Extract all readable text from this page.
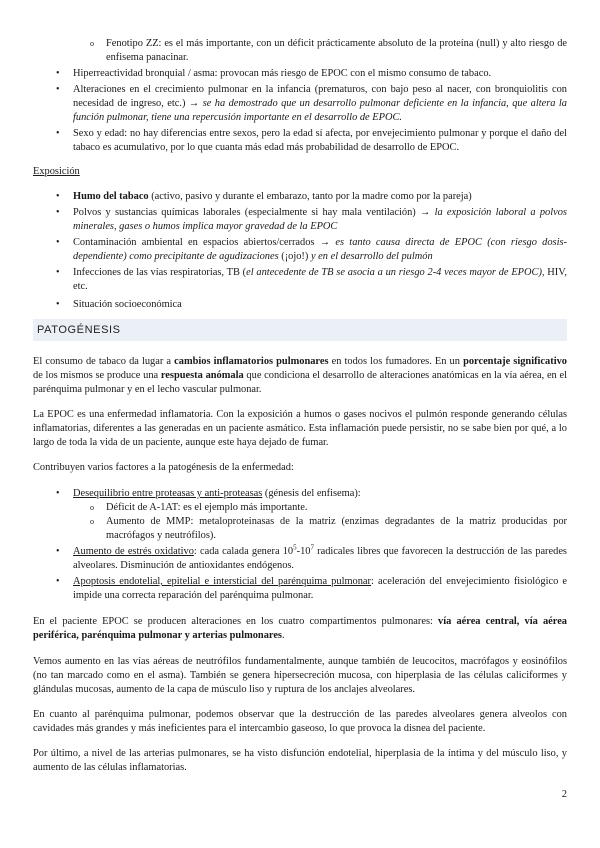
o Fenotipo ZZ: es el más importante, con un déficit prácticamente absoluto de la proteína (null) y alto riesgo de enfisema panacinar.
• Hiperreactividad bronquial / asma: provocan más riesgo de EPOC con el mismo consumo de tabaco.
• Alteraciones en el crecimiento pulmonar en la infancia (prematuros, con bajo peso al nacer, con bronquiolitis con necesidad de ingreso, etc.) → se ha demostrado que un desarrollo pulmonar deficiente en la infancia, que altera la función pulmonar, tiene una repercusión importante en el desarrollo de EPOC.
• Sexo y edad: no hay diferencias entre sexos, pero la edad sí afecta, por envejecimiento pulmonar y porque el daño del tabaco es acumulativo, por lo que cuanta más edad más probabilidad de desarrollo de EPOC.

Exposición

• Humo del tabaco (activo, pasivo y durante el embarazo, tanto por la madre como por la pareja)
• Polvos y sustancias químicas laborales (especialmente si hay mala ventilación) → la exposición laboral a polvos minerales, gases o humos implica mayor gravedad de la EPOC
• Contaminación ambiental en espacios abiertos/cerrados → es tanto causa directa de EPOC (con riesgo dosis-dependiente) como precipitante de agudizaciones (¡ojo!) y en el desarrollo del pulmón
• Infecciones de las vías respiratorias, TB (el antecedente de TB se asocia a un riesgo 2-4 veces mayor de EPOC), HIV, etc.
• Situación socioeconómica
PATOGÉNESIS

El consumo de tabaco da lugar a cambios inflamatorios pulmonares en todos los fumadores. En un porcentaje significativo de los mismos se produce una respuesta anómala que condiciona el desarrollo de alteraciones anatómicas en la vía aérea, en el parénquima pulmonar y en el lecho vascular pulmonar.

La EPOC es una enfermedad inflamatoria. Con la exposición a humos o gases nocivos el pulmón responde generando células inflamatorias, diferentes a las generadas en un paciente asmático. Esta inflamación puede persistir, no se sabe bien por qué, a lo largo de toda la vida de un paciente, aunque este haya dejado de fumar.

Contribuyen varios factores a la patogénesis de la enfermedad:

• Desequilibrio entre proteasas y anti-proteasas (génesis del enfisema):
o Déficit de A-1AT: es el ejemplo más importante.
o Aumento de MMP: metaloproteinasas de la matriz (enzimas degradantes de la matriz producidas por macrófagos y neutrófilos).
• Aumento de estrés oxidativo: cada calada genera $10^5-10^7$ radicales libres que favorecen la destrucción de las paredes alveolares. Disminución de antioxidantes endógenos.
• Apoptosis endotelial, epitelial e intersticial del parénquima pulmonar: aceleración del envejecimiento fisiológico e impide una correcta reparación del parénquima pulmonar.

En el paciente EPOC se producen alteraciones en los cuatro compartimentos pulmonares: vía aérea central, vía aérea periférica, parénquima pulmonar y arterias pulmonares.

Vemos aumento en las vías aéreas de neutrófilos fundamentalmente, aunque también de leucocitos, macrófagos y eosinófilos (no tan marcado como en el asma). También se genera hipersecreción mucosa, con hiperplasia de las células caliciformes y glándulas mucosas, aumento de la capa de músculo liso y ruptura de los anclajes alveolares.

En cuanto al parénquima pulmonar, podemos observar que la destrucción de las paredes alveolares genera alveolos con cavidades más grandes y más ineficientes para el intercambio gaseoso, lo que provoca la disnea del paciente.

Por último, a nivel de las arterias pulmonares, se ha visto disfunción endotelial, hiperplasia de la íntima y del músculo liso, y aumento de las células inflamatorias.

2
